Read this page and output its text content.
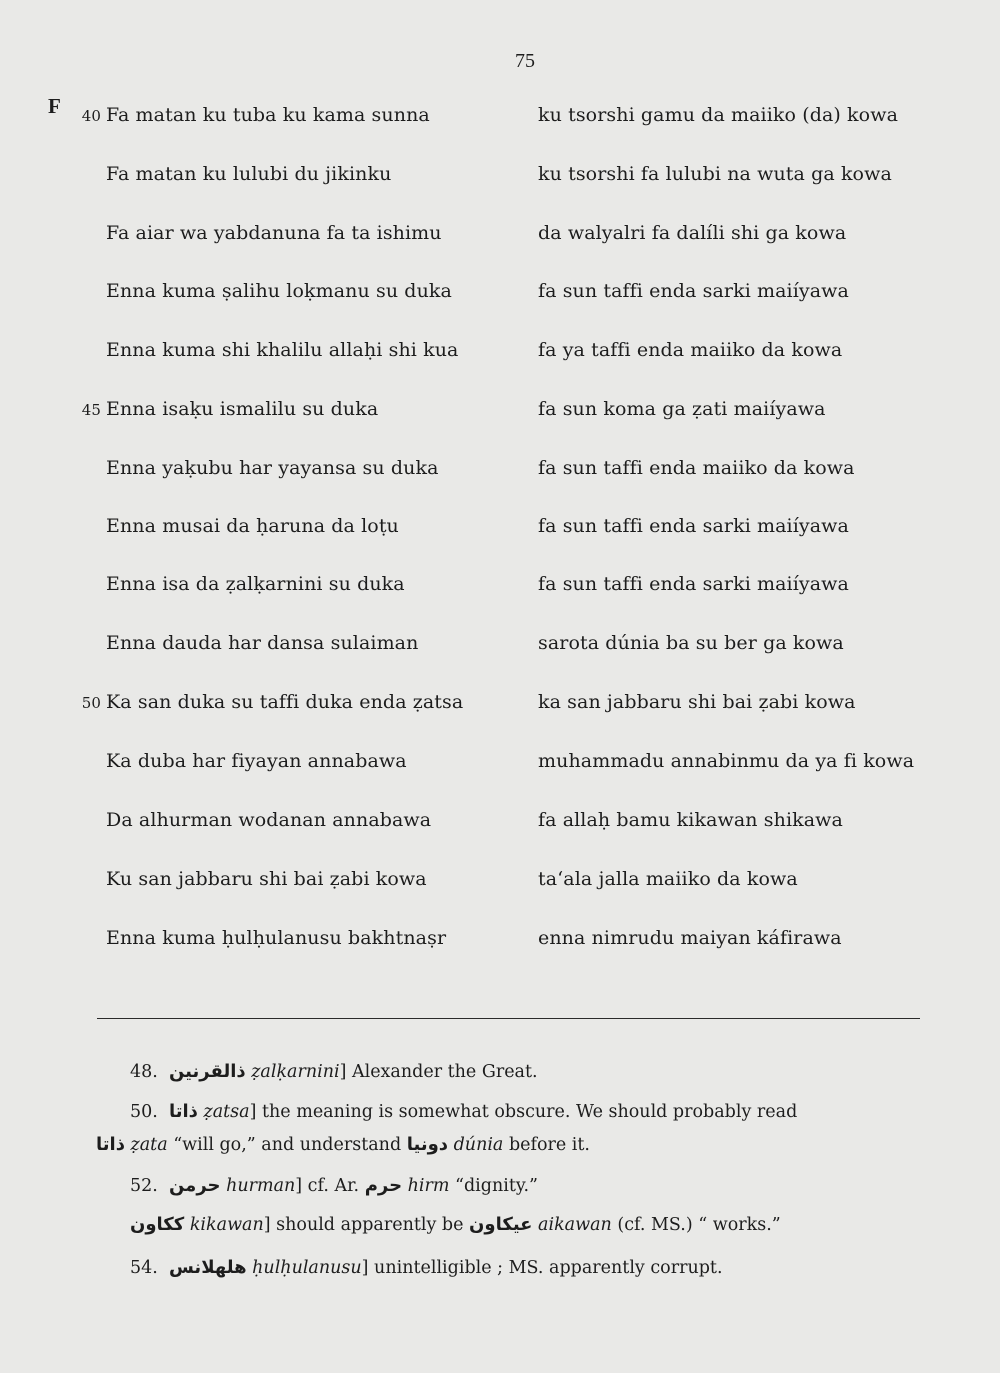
75
F	40 Fa matan ku tuba ku kama sunna	ku tsorshi gamu da maiiko (da) kowa
Fa matan ku lulubi du jikinku	ku tsorshi fa lulubi na wuta ga kowa
Fa aiar wa yabdanuna fa ta ishimu	da walyalri fa dalíli shi ga kowa
Enna kuma ṣalihu loḳmanu su duka	fa sun taffi enda sarki maiíyawa
Enna kuma shi khalilu allaḥi shi kua	fa ya taffi enda maiiko da kowa
45 Enna isaḳu ismalilu su duka	fa sun koma ga ẓati maiíyawa
Enna yaḳubu har yayansa su duka	fa sun taffi enda maiiko da kowa
Enna musai da ḥaruna da loṭu	fa sun taffi enda sarki maiíyawa
Enna isa da ẓalḳarnini su duka	fa sun taffi enda sarki maiíyawa
Enna dauda har dansa sulaiman	sarota dúnia ba su ber ga kowa
50 Ka san duka su taffi duka enda ẓatsa	ka san jabbaru shi bai ẓabi kowa
Ka duba har fiyayan annabawa	muhammadu annabinmu da ya fi kowa
Da alhurman wodanan annabawa	fa allaḥ bamu kikawan shikawa
Ku san jabbaru shi bai ẓabi kowa	ta‘ala jalla maiiko da kowa
Enna kuma ḥulḥulanusu bakhtnaṣr	enna nimrudu maiyan káfirawa
48. ذالقرنين ẓalḳarnini] Alexander the Great.
50. ذاتا ẓatsa] the meaning is somewhat obscure. We should probably read
ذاتا ẓata “will go,” and understand دونيا dúnia before it.
52. حرمن hurman] cf. Ar. حرم hirm “dignity.”
ككاون kikawan] should apparently be عيكاون aikawan (cf. MS.) “ works.”
54. هلهلانس ḥulḥulanusu] unintelligible ; MS. apparently corrupt.
